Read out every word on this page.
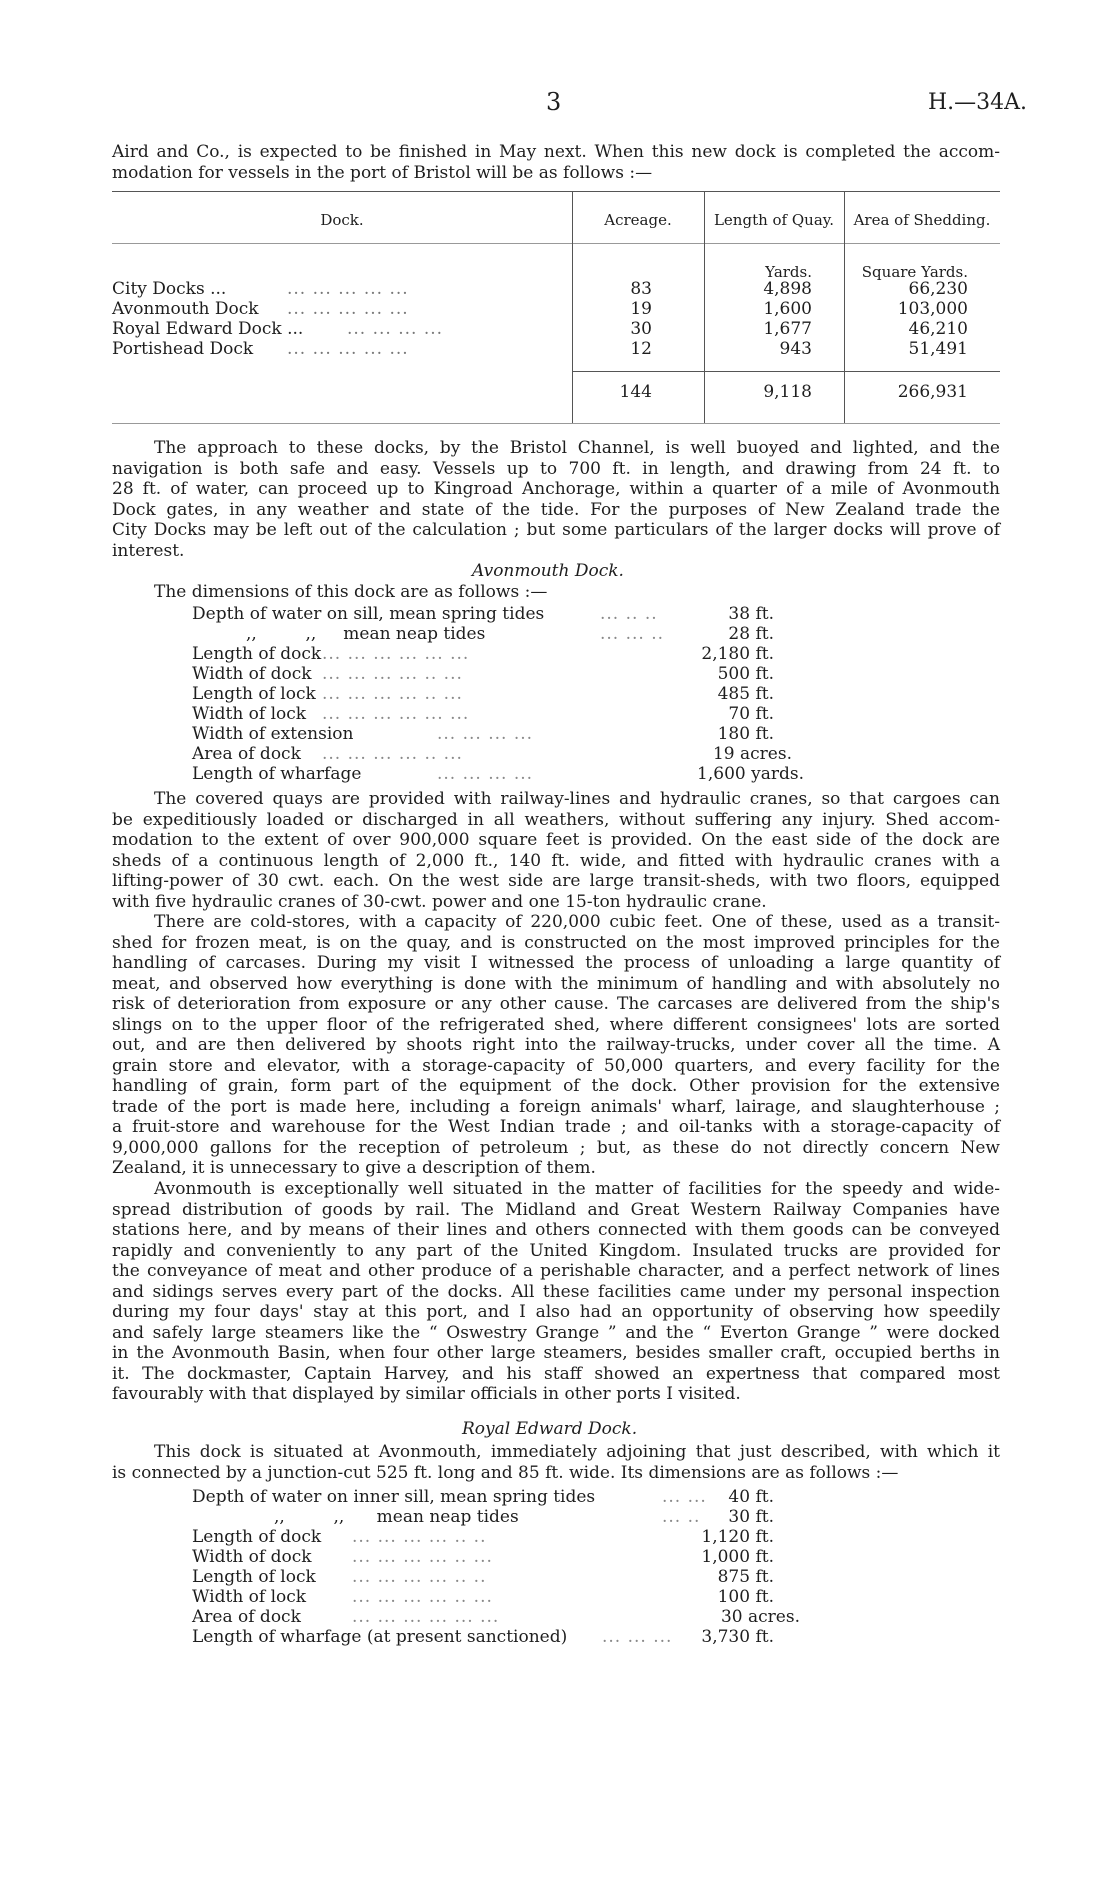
3	H.—34A.
Aird and Co., is expected to be finished in May next. When this new dock is completed the accom-
modation for vessels in the port of Bristol will be as follows :—
Dock.	Acreage.	Length of Quay.	Area of Shedding.
Yards.	Square Yards.
City Docks ...	... ... ... ... ...	83	4,898	66,230
Avonmouth Dock ... ... ... ... ...	19	1,600	103,000
Royal Edward Dock ...	... ... ... ...	30	1,677	46,210
Portishead Dock ... ... ... ... ...	12	943	51,491
144	9,118	266,931
The approach to these docks, by the Bristol Channel, is well buoyed and lighted, and the
navigation is both safe and easy. Vessels up to 700 ft. in length, and drawing from 24 ft. to
28 ft. of water, can proceed up to Kingroad Anchorage, within a quarter of a mile of Avonmouth
Dock gates, in any weather and state of the tide. For the purposes of New Zealand trade the
City Docks may be left out of the calculation ; but some particulars of the larger docks will prove of
interest.
Avonmouth Dock.
The dimensions of this dock are as follows :—
Depth of water on sill, mean spring tides	... .. ..	38 ft.
,,         ,,     mean neap tides	... ... ..	28 ft.
Length of dock ... ... ... ... ... ...	2,180 ft.
Width of dock ... ... ... ... .. ...	500 ft.
Length of lock ... ... ... ... .. ...	485 ft.
Width of lock ... ... ... ... ... ...	70 ft.
Width of extension	... ... ... ...	180 ft.
Area of dock ... ... ... ... .. ...	19 acres.
Length of wharfage	... ... ... ...	1,600 yards.
The covered quays are provided with railway-lines and hydraulic cranes, so that cargoes can
be expeditiously loaded or discharged in all weathers, without suffering any injury. Shed accom-
modation to the extent of over 900,000 square feet is provided. On the east side of the dock are
sheds of a continuous length of 2,000 ft., 140 ft. wide, and fitted with hydraulic cranes with a
lifting-power of 30 cwt. each. On the west side are large transit-sheds, with two floors, equipped
with five hydraulic cranes of 30-cwt. power and one 15-ton hydraulic crane.
There are cold-stores, with a capacity of 220,000 cubic feet. One of these, used as a transit-
shed for frozen meat, is on the quay, and is constructed on the most improved principles for the
handling of carcases. During my visit I witnessed the process of unloading a large quantity of
meat, and observed how everything is done with the minimum of handling and with absolutely no
risk of deterioration from exposure or any other cause. The carcases are delivered from the ship's
slings on to the upper floor of the refrigerated shed, where different consignees' lots are sorted
out, and are then delivered by shoots right into the railway-trucks, under cover all the time. A
grain store and elevator, with a storage-capacity of 50,000 quarters, and every facility for the
handling of grain, form part of the equipment of the dock. Other provision for the extensive
trade of the port is made here, including a foreign animals' wharf, lairage, and slaughterhouse ;
a fruit-store and warehouse for the West Indian trade ; and oil-tanks with a storage-capacity of
9,000,000 gallons for the reception of petroleum ; but, as these do not directly concern New
Zealand, it is unnecessary to give a description of them.
Avonmouth is exceptionally well situated in the matter of facilities for the speedy and wide-
spread distribution of goods by rail. The Midland and Great Western Railway Companies have
stations here, and by means of their lines and others connected with them goods can be conveyed
rapidly and conveniently to any part of the United Kingdom. Insulated trucks are provided for
the conveyance of meat and other produce of a perishable character, and a perfect network of lines
and sidings serves every part of the docks. All these facilities came under my personal inspection
during my four days' stay at this port, and I also had an opportunity of observing how speedily
and safely large steamers like the “ Oswestry Grange ” and the “ Everton Grange ” were docked
in the Avonmouth Basin, when four other large steamers, besides smaller craft, occupied berths in
it. The dockmaster, Captain Harvey, and his staff showed an expertness that compared most
favourably with that displayed by similar officials in other ports I visited.
Royal Edward Dock.
This dock is situated at Avonmouth, immediately adjoining that just described, with which it
is connected by a junction-cut 525 ft. long and 85 ft. wide. Its dimensions are as follows :—
Depth of water on inner sill, mean spring tides	... ...	40 ft.
,,         ,,      mean neap tides	... ..	30 ft.
Length of dock ... ... ... ... .. ..	1,120 ft.
Width of dock ... ... ... ... .. ...	1,000 ft.
Length of lock ... ... ... ... .. ..	875 ft.
Width of lock	... ... ... ... .. ...	100 ft.
Area of dock	... ... ... ... ... ...	30 acres.
Length of wharfage (at present sanctioned) ... ... ...	3,730 ft.
